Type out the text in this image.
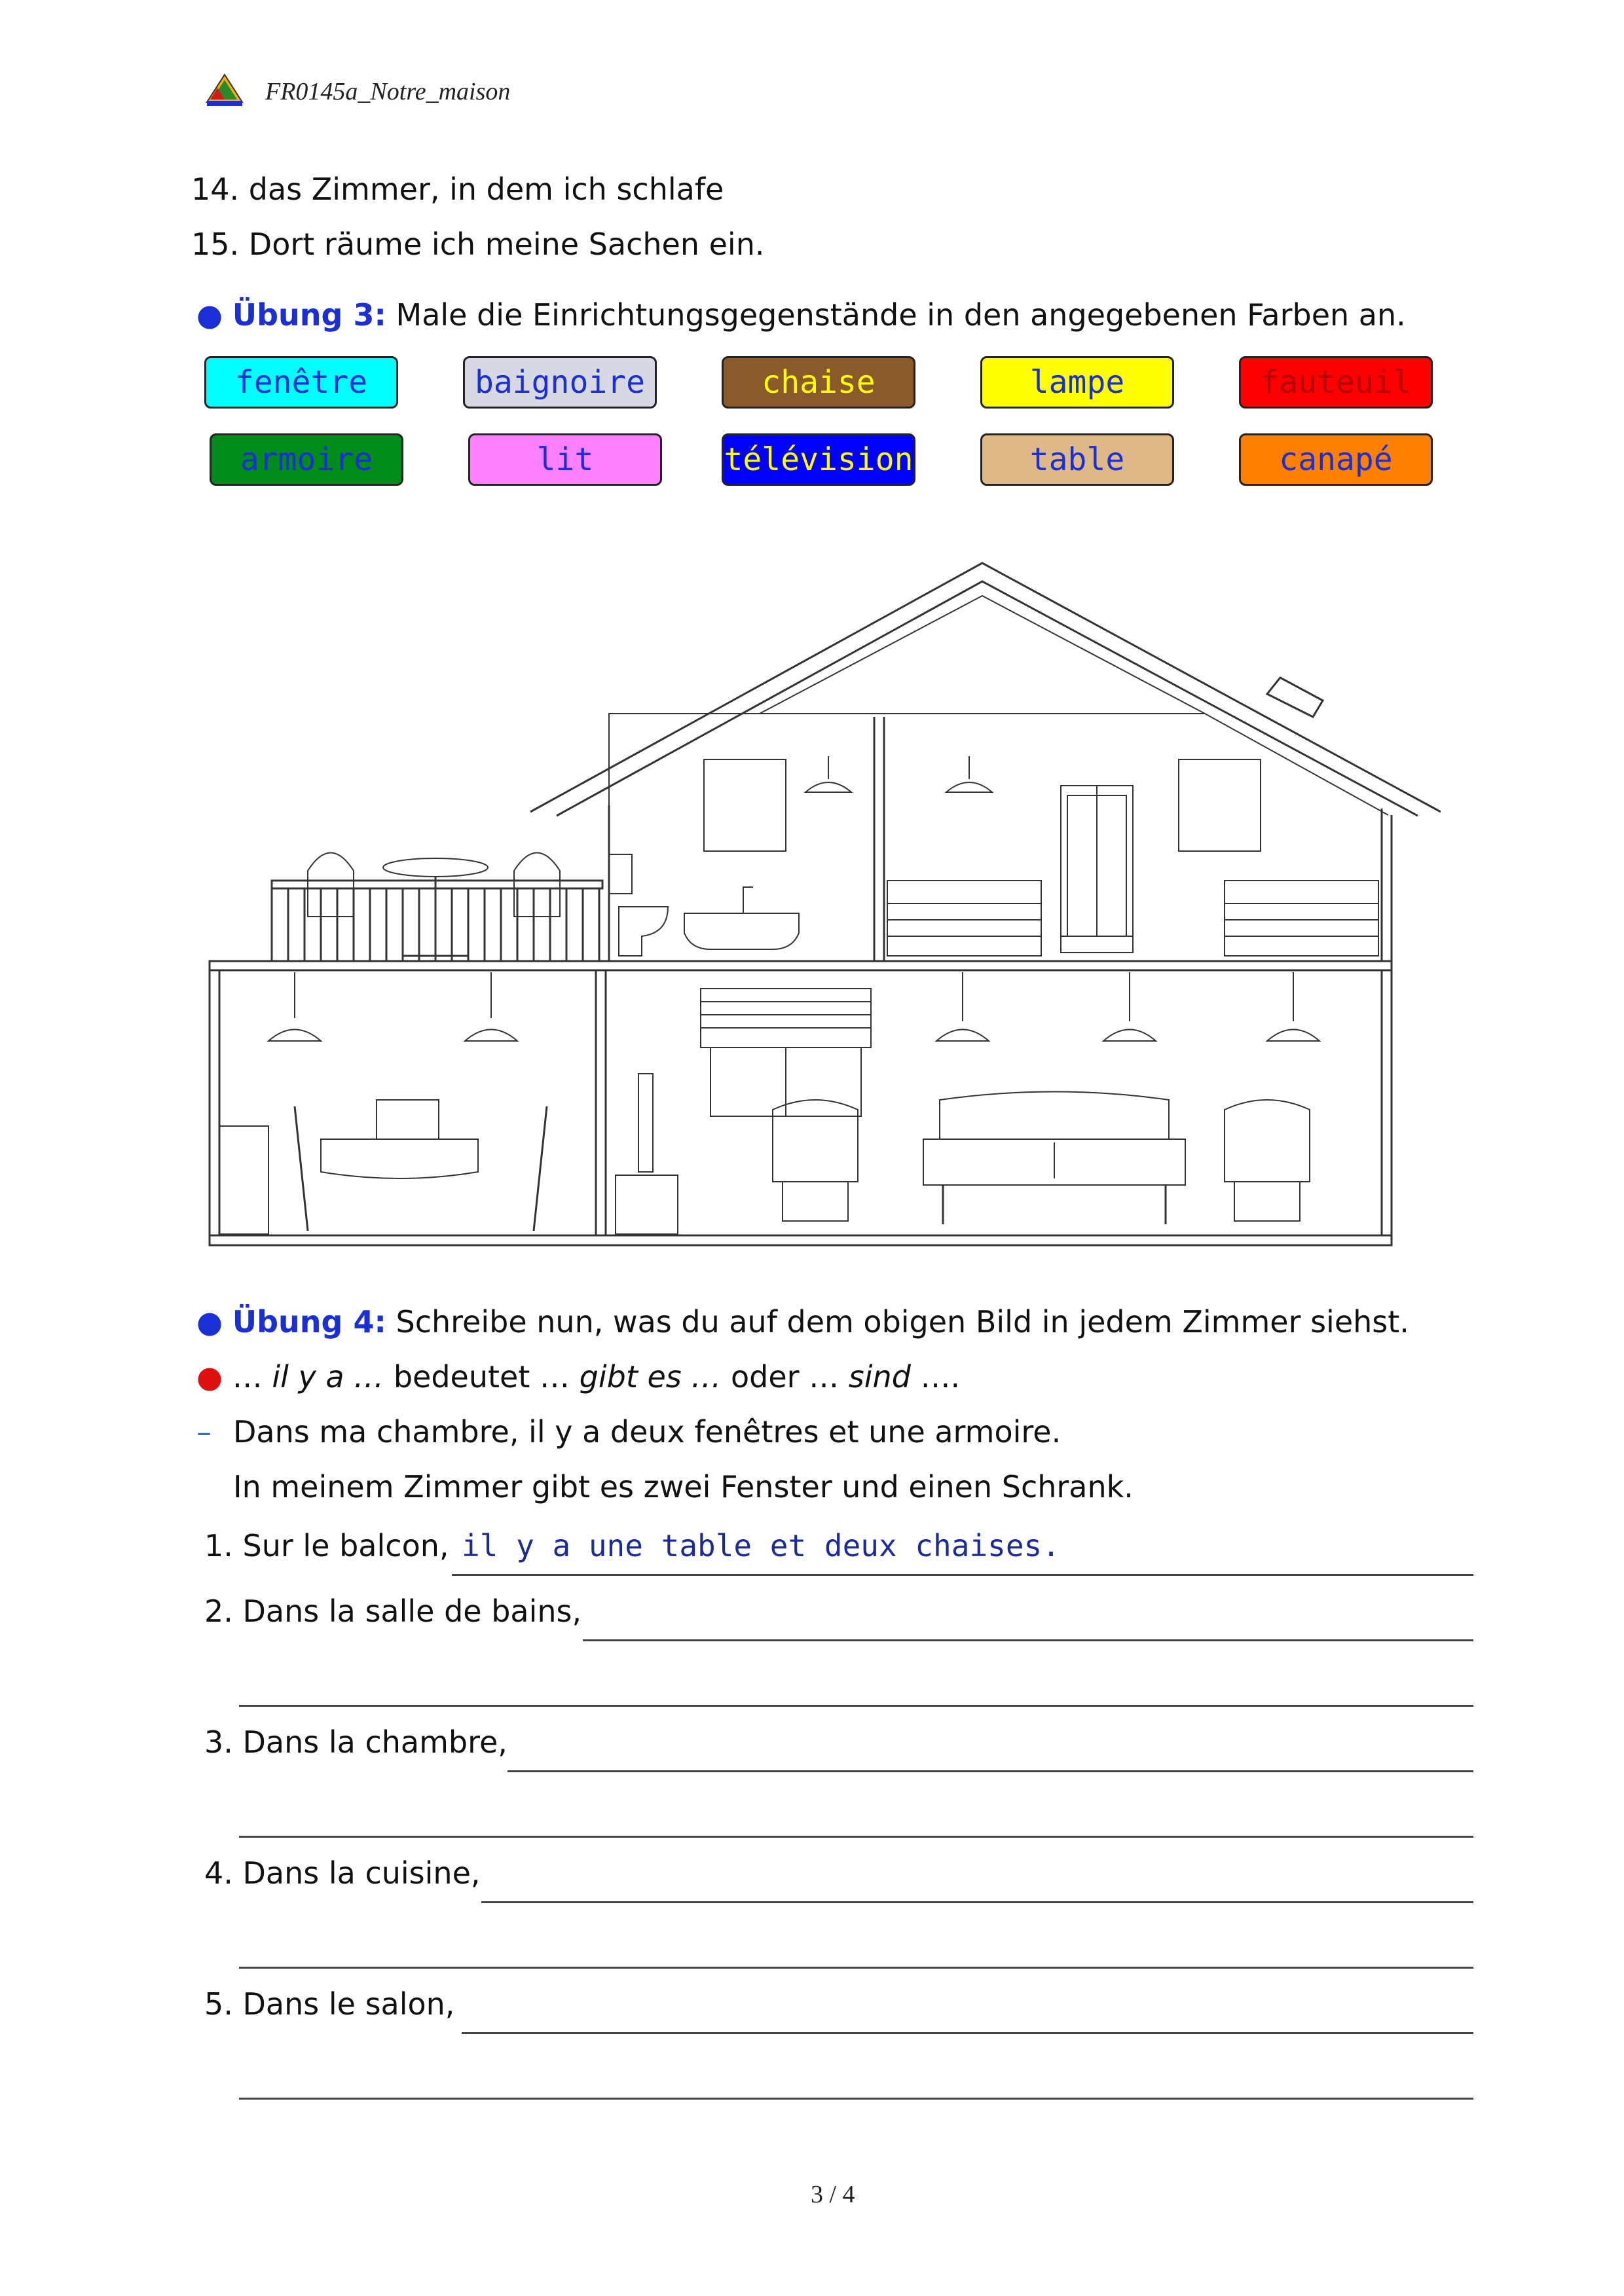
FR0145a_Notre_maison
14. das Zimmer, in dem ich schlafe
15. Dort räume ich meine Sachen ein.
● Übung 3: Male die Einrichtungsgegenstände in den angegebenen Farben an.
fenêtre	baignoire	chaise	lampe	fauteuil
armoire	lit	télévision	table	canapé
● Übung 4: Schreibe nun, was du auf dem obigen Bild in jedem Zimmer siehst.
● … il y a … bedeutet … gibt es … oder … sind ….
– Dans ma chambre, il y a deux fenêtres et une armoire.
In meinem Zimmer gibt es zwei Fenster und einen Schrank.
1. Sur le balcon, il y a une table et deux chaises.
2. Dans la salle de bains,
3. Dans la chambre,
4. Dans la cuisine,
5. Dans le salon,
3 / 4
